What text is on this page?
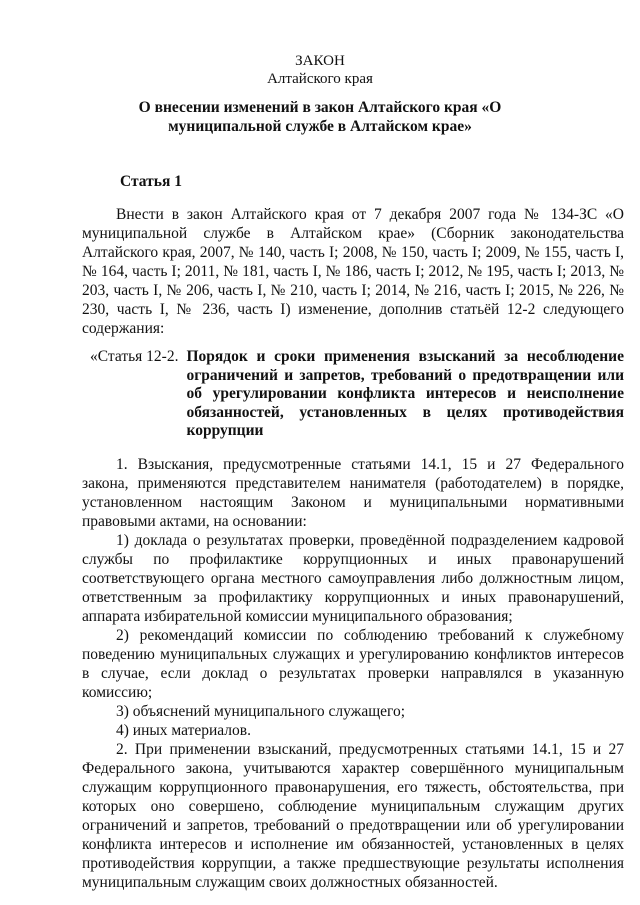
ЗАКОН
Алтайского края
О внесении изменений в закон Алтайского края «О муниципальной службе в Алтайском крае»
Статья 1

Внести в закон Алтайского края от 7 декабря 2007 года № 134-ЗС «О муниципальной службе в Алтайском крае» (Сборник законодательства Алтайского края, 2007, № 140, часть I; 2008, № 150, часть I; 2009, № 155, часть I, № 164, часть I; 2011, № 181, часть I, № 186, часть I; 2012, № 195, часть I; 2013, № 203, часть I, № 206, часть I, № 210, часть I; 2014, № 216, часть I; 2015, № 226, № 230, часть I, № 236, часть I) изменение, дополнив статьёй 12-2 следующего содержания:

«Статья 12-2. Порядок и сроки применения взысканий за несоблюдение ограничений и запретов, требований о предотвращении или об урегулировании конфликта интересов и неисполнение обязанностей, установленных в целях противодействия коррупции

1. Взыскания, предусмотренные статьями 14.1, 15 и 27 Федерального закона, применяются представителем нанимателя (работодателем) в порядке, установленном настоящим Законом и муниципальными нормативными правовыми актами, на основании:

1) доклада о результатах проверки, проведённой подразделением кадровой службы по профилактике коррупционных и иных правонарушений соответствующего органа местного самоуправления либо должностным лицом, ответственным за профилактику коррупционных и иных правонарушений, аппарата избирательной комиссии муниципального образования;

2) рекомендаций комиссии по соблюдению требований к служебному поведению муниципальных служащих и урегулированию конфликтов интересов в случае, если доклад о результатах проверки направлялся в указанную комиссию;

3) объяснений муниципального служащего;

4) иных материалов.

2. При применении взысканий, предусмотренных статьями 14.1, 15 и 27 Федерального закона, учитываются характер совершённого муниципальным служащим коррупционного правонарушения, его тяжесть, обстоятельства, при которых оно совершено, соблюдение муниципальным служащим других ограничений и запретов, требований о предотвращении или об урегулировании конфликта интересов и исполнение им обязанностей, установленных в целях противодействия коррупции, а также предшествующие результаты исполнения муниципальным служащим своих должностных обязанностей.
